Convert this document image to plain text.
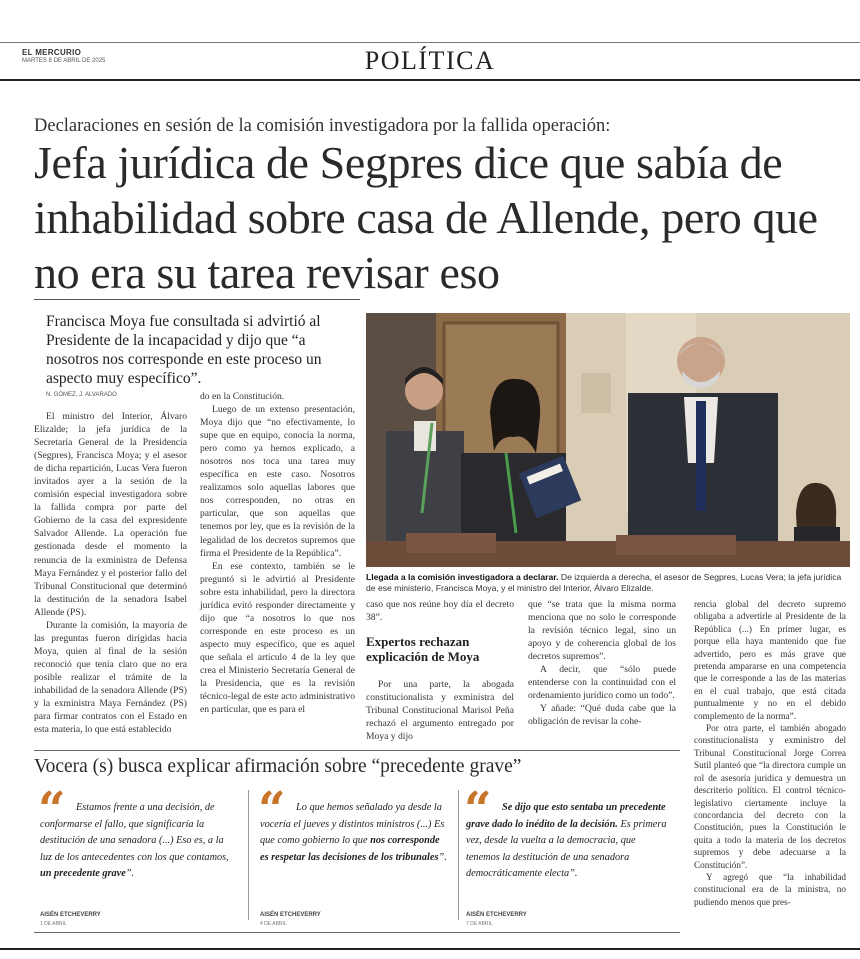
EL MERCURIO
MARTES 8 DE ABRIL DE 2025	POLÍTICA
Declaraciones en sesión de la comisión investigadora por la fallida operación:
Jefa jurídica de Segpres dice que sabía de inhabilidad sobre casa de Allende, pero que no era su tarea revisar eso
Francisca Moya fue consultada si advirtió al Presidente de la incapacidad y dijo que “a nosotros nos corresponde en este proceso un aspecto muy específico”.
N. GÓMEZ, J. ALVARADO

El ministro del Interior, Álvaro Elizalde; la jefa jurídica de la Secretaría General de la Presidencia (Segpres), Francisca Moya; y el asesor de dicha repartición, Lucas Vera fueron invitados ayer a la sesión de la comisión especial investigadora sobre la fallida compra por parte del Gobierno de la casa del expresidente Salvador Allende. La operación fue gestionada desde el momento la renuncia de la exministra de Defensa Maya Fernández y el posterior fallo del Tribunal Constitucional que determinó la destitución de la senadora Isabel Allende (PS).

Durante la comisión, la mayoría de las preguntas fueron dirigidas hacia Moya, quien al final de la sesión reconoció que tenía claro que no era posible realizar el trámite de la inhabilidad de la senadora Allende (PS) y la exministra Maya Fernández (PS) para firmar contratos con el Estado en esta materia, lo que está establecido

do en la Constitución.

Luego de un extenso presentación, Moya dijo que “no efectivamente, lo supe que en equipo, conocía la norma, pero como ya hemos explicado, a nosotros nos toca una tarea muy específica en este caso. Nosotros realizamos solo aquellas labores que nos corresponden, no otras en particular, que son aquellas que tenemos por ley, que es la revisión de la legalidad de los decretos supremos que firma el Presidente de la República”.

En ese contexto, también se le preguntó si le advirtió al Presidente sobre esta inhabilidad, pero la directora jurídica evitó responder directamente y dijo que “a nosotros lo que nos corresponde en este proceso es un aspecto muy específico, que es aquel que señala el artículo 4 de la ley que crea el Ministerio Secretaría General de la Presidencia, que es la revisión técnico-legal de este acto administrativo en particular, que es para el

Llegada a la comisión investigadora a declarar. De izquierda a derecha, el asesor de Segpres, Lucas Vera; la jefa jurídica de ese ministerio, Francisca Moya, y el ministro del Interior, Álvaro Elizalde.

caso que nos reúne hoy día el decreto 38”.

Expertos rechazan explicación de Moya

Por una parte, la abogada constitucionalista y exministra del Tribunal Constitucional Marisol Peña rechazó el argumento entregado por Moya y dijo

que “se trata que la misma norma menciona que no solo le corresponde la revisión técnico legal, sino un apoyo y de coherencia global de los decretos supremos”.

A decir, que “sólo puede entenderse con la continuidad con el ordenamiento jurídico como un todo”.

Y añade: “Qué duda cabe que la obligación de revisar la cohe-

rencia global del decreto supremo obligaba a advertirle al Presidente de la República (...) En primer lugar, es porque ella haya mantenido que fue advertido, pero es más grave que pretenda ampararse en una competencia que le corresponde a las de las materias en el cual trabajo, que está citada puntualmente y no en el debido complemento de la norma”.

Por otra parte, el también abogado constitucionalista y exministro del Tribunal Constitucional Jorge Correa Sutil planteó que “la directora cumple un rol de asesoría jurídica y demuestra un descriterio político. El control técnico-legislativo ciertamente incluye la concordancia del decreto con la Constitución, pues la Constitución le quita a todo la materia de los decretos supremos y debe adecuarse a la Constitución”.

Y agregó que “la inhabilidad constitucional era de la ministra, no pudiendo menos que pres-

Vocera (s) busca explicar afirmación sobre “precedente grave”
“	Estamos frente a una decisión, de conformarse el fallo, que significaría la destitución de una senadora (...) Eso es, a la luz de los antecedentes con los que contamos, un precedente grave”.
AISÉN ETCHEVERRY
1 DE ABRIL
“	Lo que hemos señalado ya desde la vocería el jueves y distintos ministros (...) Es que como gobierno lo que nos corresponde es respetar las decisiones de los tribunales”.
AISÉN ETCHEVERRY
4 DE ABRIL
“	Se dijo que esto sentaba un precedente grave dado lo inédito de la decisión. Es primera vez, desde la vuelta a la democracia, que tenemos la destitución de una senadora democráticamente electa”.
AISÉN ETCHEVERRY
7 DE ABRIL
